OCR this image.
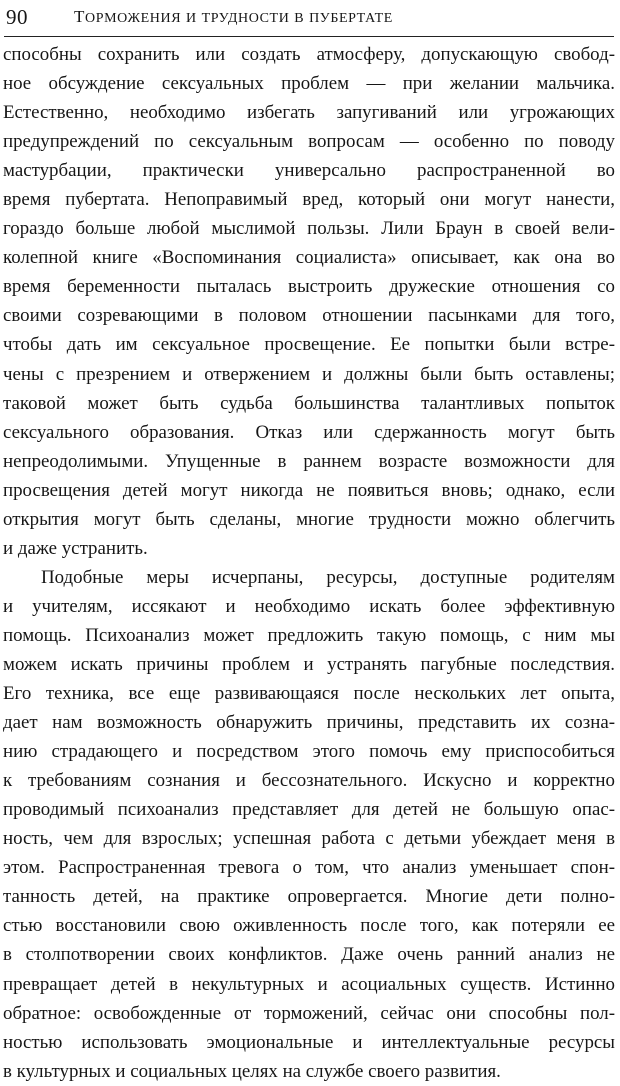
90	ТОРМОЖЕНИЯ И ТРУДНОСТИ В ПУБЕРТАТЕ
способны сохранить или создать атмосферу, допускающую свобод-
ное обсуждение сексуальных проблем — при желании мальчика.
Естественно, необходимо избегать запугиваний или угрожающих
предупреждений по сексуальным вопросам — особенно по поводу
мастурбации, практически универсально распространенной во
время пубертата. Непоправимый вред, который они могут нанести,
гораздо больше любой мыслимой пользы. Лили Браун в своей вели-
колепной книге «Воспоминания социалиста» описывает, как она во
время беременности пыталась выстроить дружеские отношения со
своими созревающими в половом отношении пасынками для того,
чтобы дать им сексуальное просвещение. Ее попытки были встре-
чены с презрением и отвержением и должны были быть оставлены;
таковой может быть судьба большинства талантливых попыток
сексуального образования. Отказ или сдержанность могут быть
непреодолимыми. Упущенные в раннем возрасте возможности для
просвещения детей могут никогда не появиться вновь; однако, если
открытия могут быть сделаны, многие трудности можно облегчить
и даже устранить.
Подобные меры исчерпаны, ресурсы, доступные родителям
и учителям, иссякают и необходимо искать более эффективную
помощь. Психоанализ может предложить такую помощь, с ним мы
можем искать причины проблем и устранять пагубные последствия.
Его техника, все еще развивающаяся после нескольких лет опыта,
дает нам возможность обнаружить причины, представить их созна-
нию страдающего и посредством этого помочь ему приспособиться
к требованиям сознания и бессознательного. Искусно и корректно
проводимый психоанализ представляет для детей не большую опас-
ность, чем для взрослых; успешная работа с детьми убеждает меня в
этом. Распространенная тревога о том, что анализ уменьшает спон-
танность детей, на практике опровергается. Многие дети полно-
стью восстановили свою оживленность после того, как потеряли ее
в столпотворении своих конфликтов. Даже очень ранний анализ не
превращает детей в некультурных и асоциальных существ. Истинно
обратное: освобожденные от торможений, сейчас они способны пол-
ностью использовать эмоциональные и интеллектуальные ресурсы
в культурных и социальных целях на службе своего развития.
